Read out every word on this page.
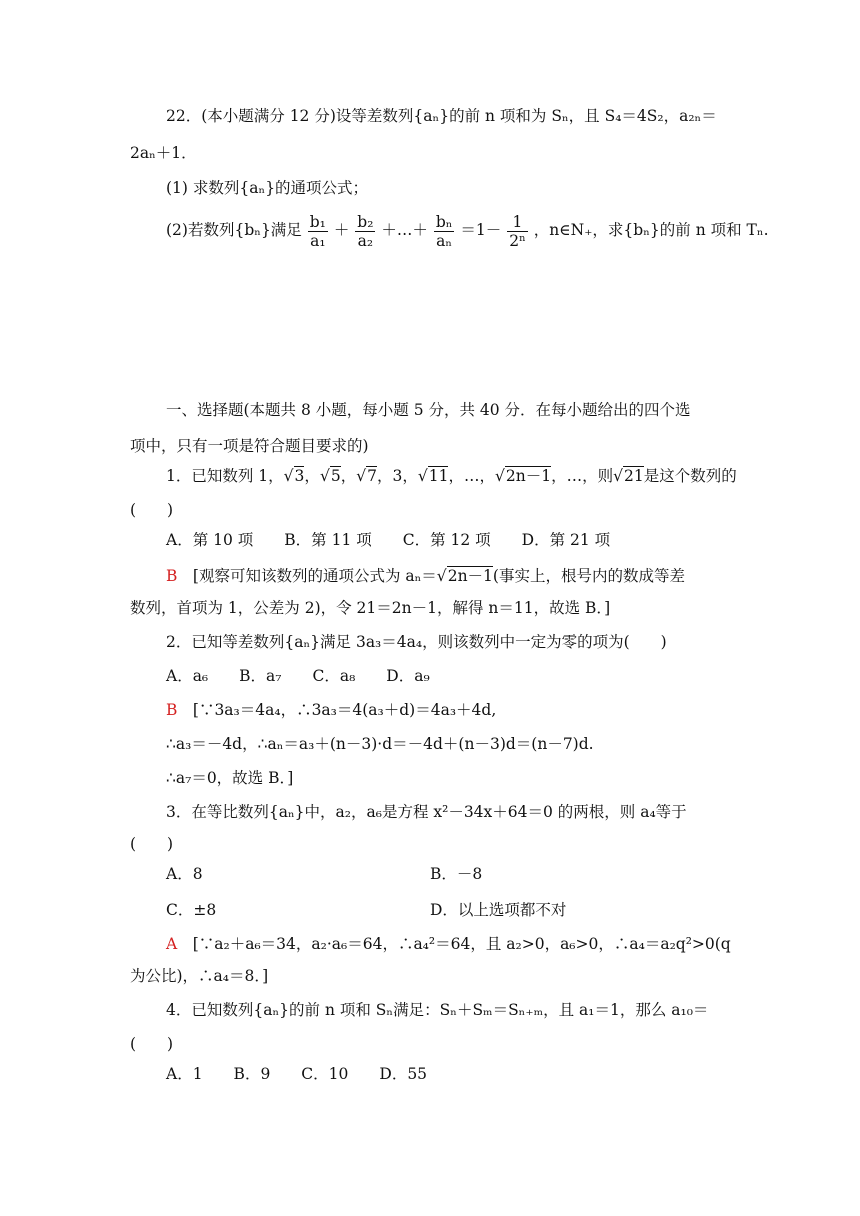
22．(本小题满分 12 分)设等差数列{aₙ}的前 n 项和为 Sₙ，且 S₄＝4S₂，a₂ₙ＝
2aₙ＋1．
(1) 求数列{aₙ}的通项公式；
(2)若数列{bₙ}满足 $\frac{\text{b₁}}{\text{a₁}} + \frac{\text{b₂}}{\text{a₂}}$ ＋…＋ $\frac{\text{bₙ}}{\text{aₙ}} =1- \frac{1}{\text{2ⁿ}}$ ，n∈N₊，求{bₙ}的前 n 项和 Tₙ.
一、选择题(本题共 8 小题，每小题 5 分，共 40 分．在每小题给出的四个选
项中，只有一项是符合题目要求的)
1．已知数列 1，√3，√5，√7，3，√11，…，√2n－1，…，则√21是这个数列的
(　　)
A．第 10 项　　B．第 11 项　　C．第 12 项　　D．第 21 项
B　[观察可知该数列的通项公式为 aₙ＝√2n－1(事实上，根号内的数成等差
数列，首项为 1，公差为 2)，令 21＝2n－1，解得 n＝11，故选 B．]
2．已知等差数列{aₙ}满足 3a₃＝4a₄，则该数列中一定为零的项为(　　)
A．a₆　　B．a₇　　C．a₈　　D．a₉
B　[∵3a₃＝4a₄，∴3a₃＝4(a₃＋d)＝4a₃＋4d,
∴a₃＝－4d，∴aₙ＝a₃＋(n－3)·d＝－4d＋(n－3)d＝(n－7)d.
∴a₇＝0，故选 B．]
3．在等比数列{aₙ}中，a₂，a₆是方程 x²－34x＋64＝0 的两根，则 a₄等于
(　　)
A．8	B．－8
C．±8	D．以上选项都不对
A　[∵a₂＋a₆＝34，a₂·a₆＝64，∴a₄²＝64，且 a₂>0，a₆>0，∴a₄＝a₂q²>0(q
为公比)，∴a₄＝8．]
4．已知数列{aₙ}的前 n 项和 Sₙ满足：Sₙ＋Sₘ＝Sₙ₊ₘ，且 a₁＝1，那么 a₁₀＝
(　　)
A．1　　B．9　　C．10　　D．55
